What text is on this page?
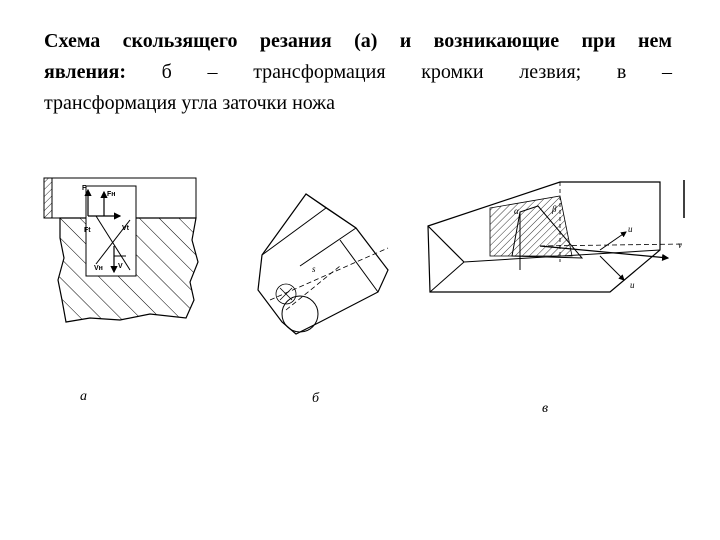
Схема скользящего резания (а) и возникающие при нем
явления: б – трансформация кромки лезвия; в –
трансформация угла заточки ножа
F
Fн
Ft	Vt
Vн V	s
u
u
v
β
α
а	б
в
